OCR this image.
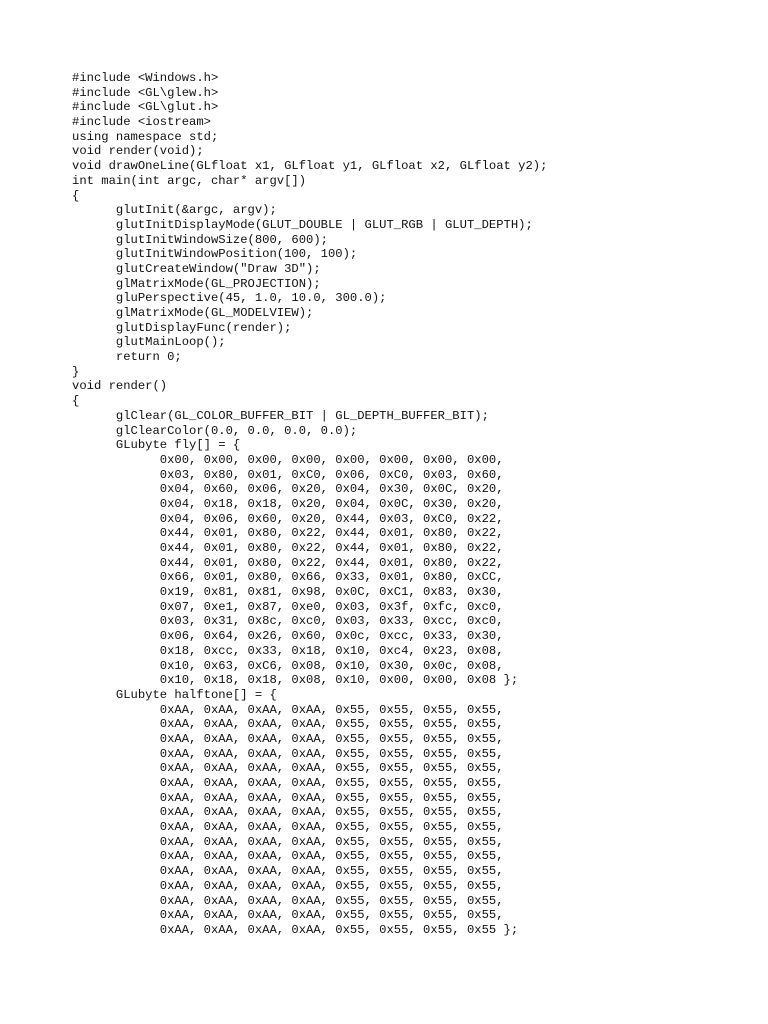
#include <Windows.h>
#include <GL\glew.h>
#include <GL\glut.h>
#include <iostream>
using namespace std;
void render(void);
void drawOneLine(GLfloat x1, GLfloat y1, GLfloat x2, GLfloat y2);
int main(int argc, char* argv[])
{
glutInit(&argc, argv);
glutInitDisplayMode(GLUT_DOUBLE | GLUT_RGB | GLUT_DEPTH);
glutInitWindowSize(800, 600);
glutInitWindowPosition(100, 100);
glutCreateWindow("Draw 3D");
glMatrixMode(GL_PROJECTION);
gluPerspective(45, 1.0, 10.0, 300.0);
glMatrixMode(GL_MODELVIEW);
glutDisplayFunc(render);
glutMainLoop();
return 0;
}
void render()
{
glClear(GL_COLOR_BUFFER_BIT | GL_DEPTH_BUFFER_BIT);
glClearColor(0.0, 0.0, 0.0, 0.0);
GLubyte fly[] = {
0x00, 0x00, 0x00, 0x00, 0x00, 0x00, 0x00, 0x00,
0x03, 0x80, 0x01, 0xC0, 0x06, 0xC0, 0x03, 0x60,
0x04, 0x60, 0x06, 0x20, 0x04, 0x30, 0x0C, 0x20,
0x04, 0x18, 0x18, 0x20, 0x04, 0x0C, 0x30, 0x20,
0x04, 0x06, 0x60, 0x20, 0x44, 0x03, 0xC0, 0x22,
0x44, 0x01, 0x80, 0x22, 0x44, 0x01, 0x80, 0x22,
0x44, 0x01, 0x80, 0x22, 0x44, 0x01, 0x80, 0x22,
0x44, 0x01, 0x80, 0x22, 0x44, 0x01, 0x80, 0x22,
0x66, 0x01, 0x80, 0x66, 0x33, 0x01, 0x80, 0xCC,
0x19, 0x81, 0x81, 0x98, 0x0C, 0xC1, 0x83, 0x30,
0x07, 0xe1, 0x87, 0xe0, 0x03, 0x3f, 0xfc, 0xc0,
0x03, 0x31, 0x8c, 0xc0, 0x03, 0x33, 0xcc, 0xc0,
0x06, 0x64, 0x26, 0x60, 0x0c, 0xcc, 0x33, 0x30,
0x18, 0xcc, 0x33, 0x18, 0x10, 0xc4, 0x23, 0x08,
0x10, 0x63, 0xC6, 0x08, 0x10, 0x30, 0x0c, 0x08,
0x10, 0x18, 0x18, 0x08, 0x10, 0x00, 0x00, 0x08 };
GLubyte halftone[] = {
0xAA, 0xAA, 0xAA, 0xAA, 0x55, 0x55, 0x55, 0x55,
0xAA, 0xAA, 0xAA, 0xAA, 0x55, 0x55, 0x55, 0x55,
0xAA, 0xAA, 0xAA, 0xAA, 0x55, 0x55, 0x55, 0x55,
0xAA, 0xAA, 0xAA, 0xAA, 0x55, 0x55, 0x55, 0x55,
0xAA, 0xAA, 0xAA, 0xAA, 0x55, 0x55, 0x55, 0x55,
0xAA, 0xAA, 0xAA, 0xAA, 0x55, 0x55, 0x55, 0x55,
0xAA, 0xAA, 0xAA, 0xAA, 0x55, 0x55, 0x55, 0x55,
0xAA, 0xAA, 0xAA, 0xAA, 0x55, 0x55, 0x55, 0x55,
0xAA, 0xAA, 0xAA, 0xAA, 0x55, 0x55, 0x55, 0x55,
0xAA, 0xAA, 0xAA, 0xAA, 0x55, 0x55, 0x55, 0x55,
0xAA, 0xAA, 0xAA, 0xAA, 0x55, 0x55, 0x55, 0x55,
0xAA, 0xAA, 0xAA, 0xAA, 0x55, 0x55, 0x55, 0x55,
0xAA, 0xAA, 0xAA, 0xAA, 0x55, 0x55, 0x55, 0x55,
0xAA, 0xAA, 0xAA, 0xAA, 0x55, 0x55, 0x55, 0x55,
0xAA, 0xAA, 0xAA, 0xAA, 0x55, 0x55, 0x55, 0x55,
0xAA, 0xAA, 0xAA, 0xAA, 0x55, 0x55, 0x55, 0x55 };
